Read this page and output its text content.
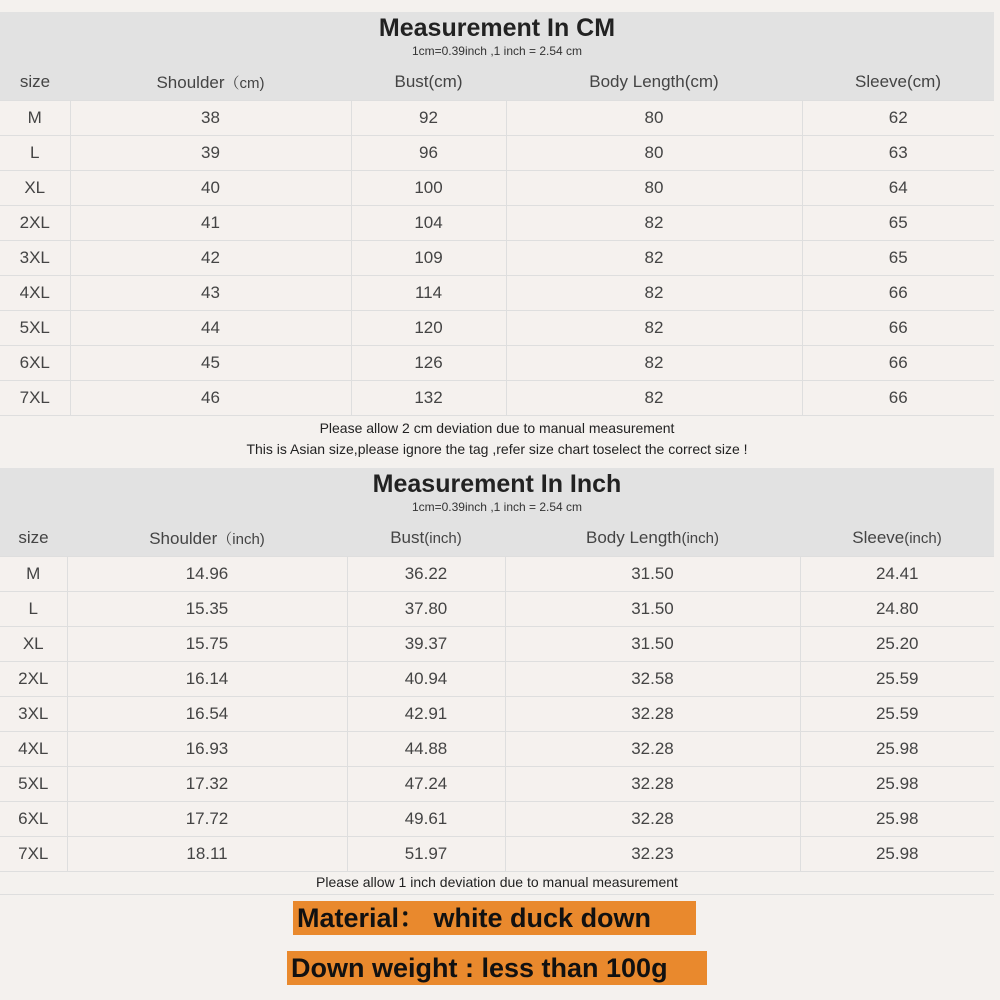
Measurement In CM
1cm=0.39inch ,1 inch = 2.54 cm
size	Shoulder（cm)	Bust(cm)	Body Length(cm)	Sleeve(cm)
M	38	92	80	62
L	39	96	80	63
XL	40	100	80	64
2XL	41	104	82	65
3XL	42	109	82	65
4XL	43	114	82	66
5XL	44	120	82	66
6XL	45	126	82	66
7XL	46	132	82	66
Please allow 2 cm deviation due to manual measurement
This is Asian size,please ignore the tag ,refer size chart toselect the correct size !
Measurement In Inch
1cm=0.39inch ,1 inch = 2.54 cm
size	Shoulder（inch)	Bust(inch)	Body Length(inch)	Sleeve(inch)
M	14.96	36.22	31.50	24.41
L	15.35	37.80	31.50	24.80
XL	15.75	39.37	31.50	25.20
2XL	16.14	40.94	32.58	25.59
3XL	16.54	42.91	32.28	25.59
4XL	16.93	44.88	32.28	25.98
5XL	17.32	47.24	32.28	25.98
6XL	17.72	49.61	32.28	25.98
7XL	18.11	51.97	32.23	25.98
Please allow 1 inch deviation due to manual measurement
Material： white duck down
Down weight : less than 100g
